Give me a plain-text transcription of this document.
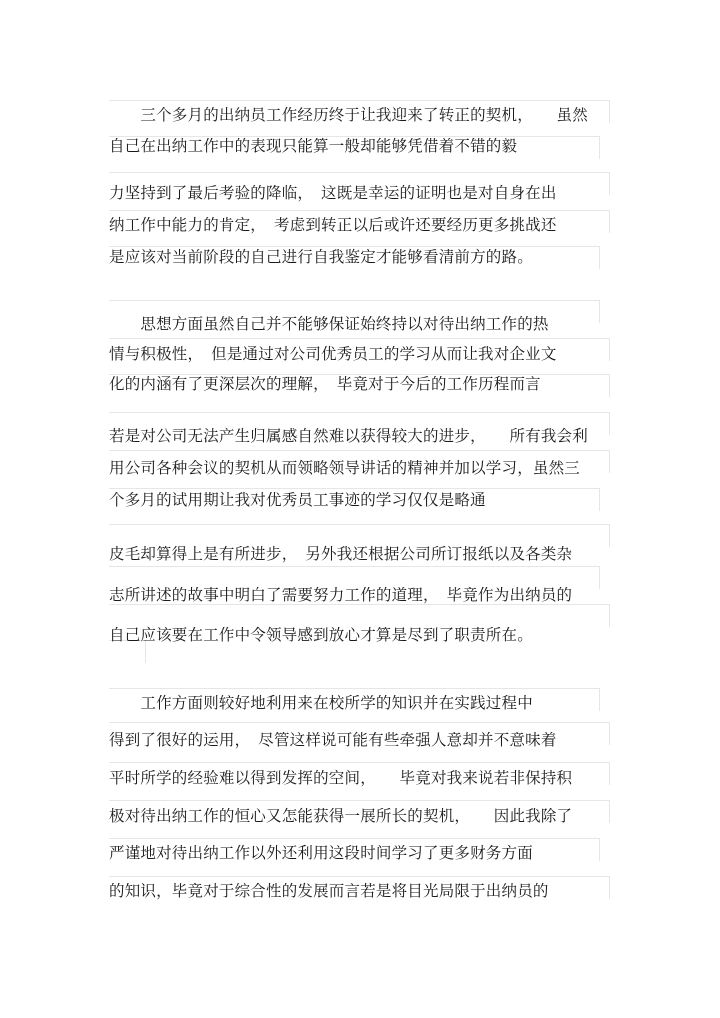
　　三个多月的出纳员工作经历终于让我迎来了转正的契机，　　虽然
自己在出纳工作中的表现只能算一般却能够凭借着不错的毅
力坚持到了最后考验的降临，　这既是幸运的证明也是对自身在出
纳工作中能力的肯定，　考虑到转正以后或许还要经历更多挑战还
是应该对当前阶段的自己进行自我鉴定才能够看清前方的路。
　　思想方面虽然自己并不能够保证始终持以对待出纳工作的热
情与积极性，　但是通过对公司优秀员工的学习从而让我对企业文
化的内涵有了更深层次的理解，　毕竟对于今后的工作历程而言
若是对公司无法产生归属感自然难以获得较大的进步，　　所有我会利
用公司各种会议的契机从而领略领导讲话的精神并加以学习，虽然三
个多月的试用期让我对优秀员工事迹的学习仅仅是略通
皮毛却算得上是有所进步，　另外我还根据公司所订报纸以及各类杂
志所讲述的故事中明白了需要努力工作的道理，　毕竟作为出纳员的
自己应该要在工作中令领导感到放心才算是尽到了职责所在。
　　工作方面则较好地利用来在校所学的知识并在实践过程中
得到了很好的运用，　尽管这样说可能有些牵强人意却并不意味着
平时所学的经验难以得到发挥的空间，　　毕竟对我来说若非保持积
极对待出纳工作的恒心又怎能获得一展所长的契机，　　因此我除了
严谨地对待出纳工作以外还利用这段时间学习了更多财务方面
的知识，毕竟对于综合性的发展而言若是将目光局限于出纳员的
